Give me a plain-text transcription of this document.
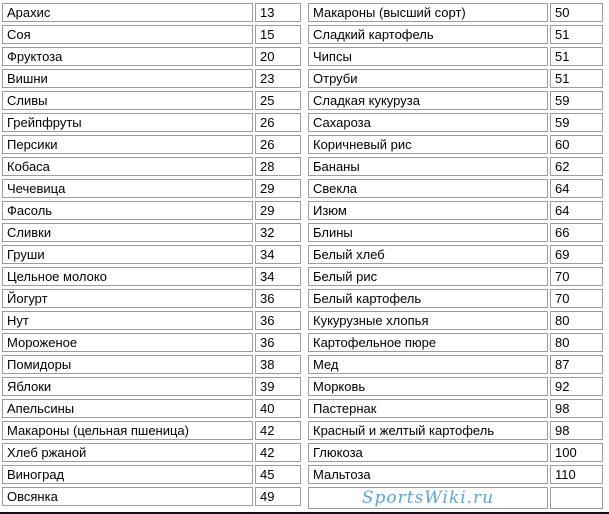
Арахис	13
Соя	15
Фруктоза	20
Вишни	23
Сливы	25
Грейпфруты	26
Персики	26
Кобаса	28
Чечевица	29
Фасоль	29
Сливки	32
Груши	34
Цельное молоко	34
Йогурт	36
Нут	36
Мороженое	36
Помидоры	38
Яблоки	39
Апельсины	40
Макароны (цельная пшеница)	42
Хлеб ржаной	42
Виноград	45
Овсянка	49
Макароны (высший сорт)	50
Сладкий картофель	51
Чипсы	51
Отруби	51
Сладкая кукуруза	59
Сахароза	59
Коричневый рис	60
Бананы	62
Свекла	64
Изюм	64
Блины	66
Белый хлеб	69
Белый рис	70
Белый картофель	70
Кукурузные хлопья	80
Картофельное пюре	80
Мед	87
Морковь	92
Пастернак	98
Красный и желтый картофель	98
Глюкоза	100
Мальтоза	110
SportsWiki.ru	
